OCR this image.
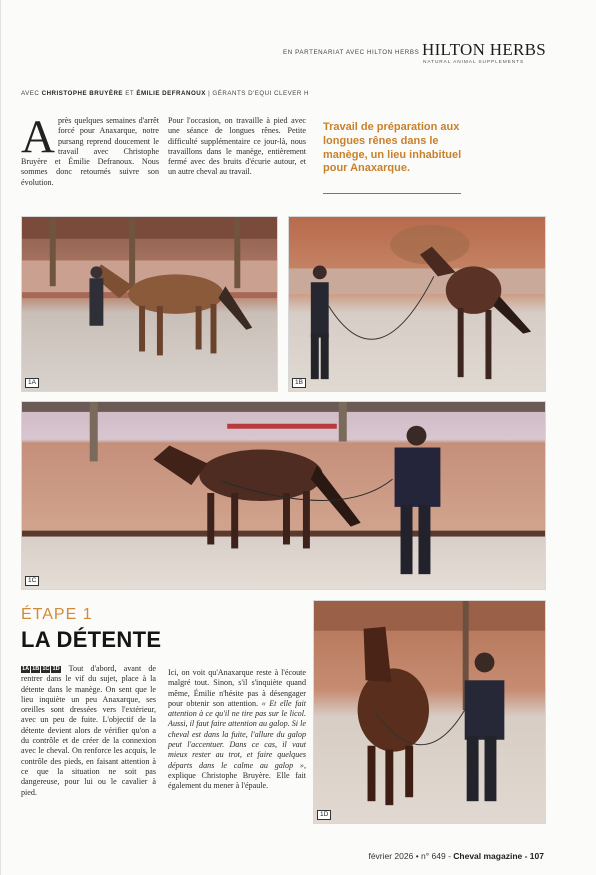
EN PARTENARIAT AVEC HILTON HERBS HILTON HERBS
NATURAL ANIMAL SUPPLEMENTS
AVEC CHRISTOPHE BRUYÈRE ET ÉMILIE DEFRANOUX | GÉRANTS D'EQUI CLEVER H
Après quelques semaines d'arrêt forcé pour Anaxarque, notre pursang reprend doucement le travail avec Christophe Bruyère et Émilie Defranoux. Nous sommes donc retournés suivre son évolution.
Pour l'occasion, on travaille à pied avec une séance de longues rênes. Petite difficulté supplémentaire ce jour-là, nous travaillons dans le manège, entièrement fermé avec des bruits d'écurie autour, et un autre cheval au travail.
Travail de préparation aux longues rênes dans le manège, un lieu inhabituel pour Anaxarque.
1A	1B
1C
1D
ÉTAPE 1
LA DÉTENTE
1A 1B 1C 1D Tout d'abord, avant de rentrer dans le vif du sujet, place à la détente dans le manège. On sent que le lieu inquiète un peu Anaxarque, ses oreilles sont dressées vers l'extérieur, avec un peu de fuite. L'objectif de la détente devient alors de vérifier qu'on a du contrôle et de créer de la connexion avec le cheval. On renforce les acquis, le contrôle des pieds, en faisant attention à ce que la situation ne soit pas dangereuse, pour lui ou le cavalier à pied.
Ici, on voit qu'Anaxarque reste à l'écoute malgré tout. Sinon, s'il s'inquiète quand même, Émilie n'hésite pas à désengager pour obtenir son attention. « Et elle fait attention à ce qu'il ne tire pas sur le licol. Aussi, il faut faire attention au galop. Si le cheval est dans la fuite, l'allure du galop peut l'accentuer. Dans ce cas, il vaut mieux rester au trot, et faire quelques départs dans le calme au galop », explique Christophe Bruyère. Elle fait également du mener à l'épaule.
février 2026 • n° 649 - Cheval magazine - 107
